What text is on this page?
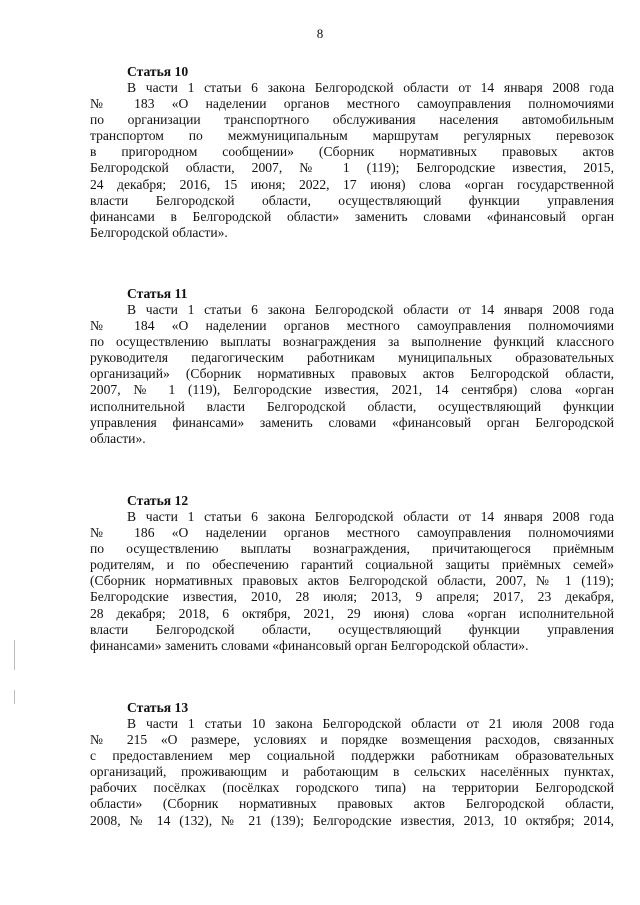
8
Статья 10
В части 1 статьи 6 закона Белгородской области от 14 января 2008 года
№ 183 «О наделении органов местного самоуправления полномочиями
по организации транспортного обслуживания населения автомобильным
транспортом по межмуниципальным маршрутам регулярных перевозок
в пригородном сообщении» (Сборник нормативных правовых актов
Белгородской области, 2007, № 1 (119); Белгородские известия, 2015,
24 декабря; 2016, 15 июня; 2022, 17 июня) слова «орган государственной
власти Белгородской области, осуществляющий функции управления
финансами в Белгородской области» заменить словами «финансовый орган
Белгородской области».
Статья 11
В части 1 статьи 6 закона Белгородской области от 14 января 2008 года
№ 184 «О наделении органов местного самоуправления полномочиями
по осуществлению выплаты вознаграждения за выполнение функций классного
руководителя педагогическим работникам муниципальных образовательных
организаций» (Сборник нормативных правовых актов Белгородской области,
2007, № 1 (119), Белгородские известия, 2021, 14 сентября) слова «орган
исполнительной власти Белгородской области, осуществляющий функции
управления финансами» заменить словами «финансовый орган Белгородской
области».
Статья 12
В части 1 статьи 6 закона Белгородской области от 14 января 2008 года
№ 186 «О наделении органов местного самоуправления полномочиями
по осуществлению выплаты вознаграждения, причитающегося приёмным
родителям, и по обеспечению гарантий социальной защиты приёмных семей»
(Сборник нормативных правовых актов Белгородской области, 2007, № 1 (119);
Белгородские известия, 2010, 28 июля; 2013, 9 апреля; 2017, 23 декабря,
28 декабря; 2018, 6 октября, 2021, 29 июня) слова «орган исполнительной
власти Белгородской области, осуществляющий функции управления
финансами» заменить словами «финансовый орган Белгородской области».
Статья 13
В части 1 статьи 10 закона Белгородской области от 21 июля 2008 года
№ 215 «О размере, условиях и порядке возмещения расходов, связанных
с предоставлением мер социальной поддержки работникам образовательных
организаций, проживающим и работающим в сельских населённых пунктах,
рабочих посёлках (посёлках городского типа) на территории Белгородской
области» (Сборник нормативных правовых актов Белгородской области,
2008, № 14 (132), № 21 (139); Белгородские известия, 2013, 10 октября; 2014,
